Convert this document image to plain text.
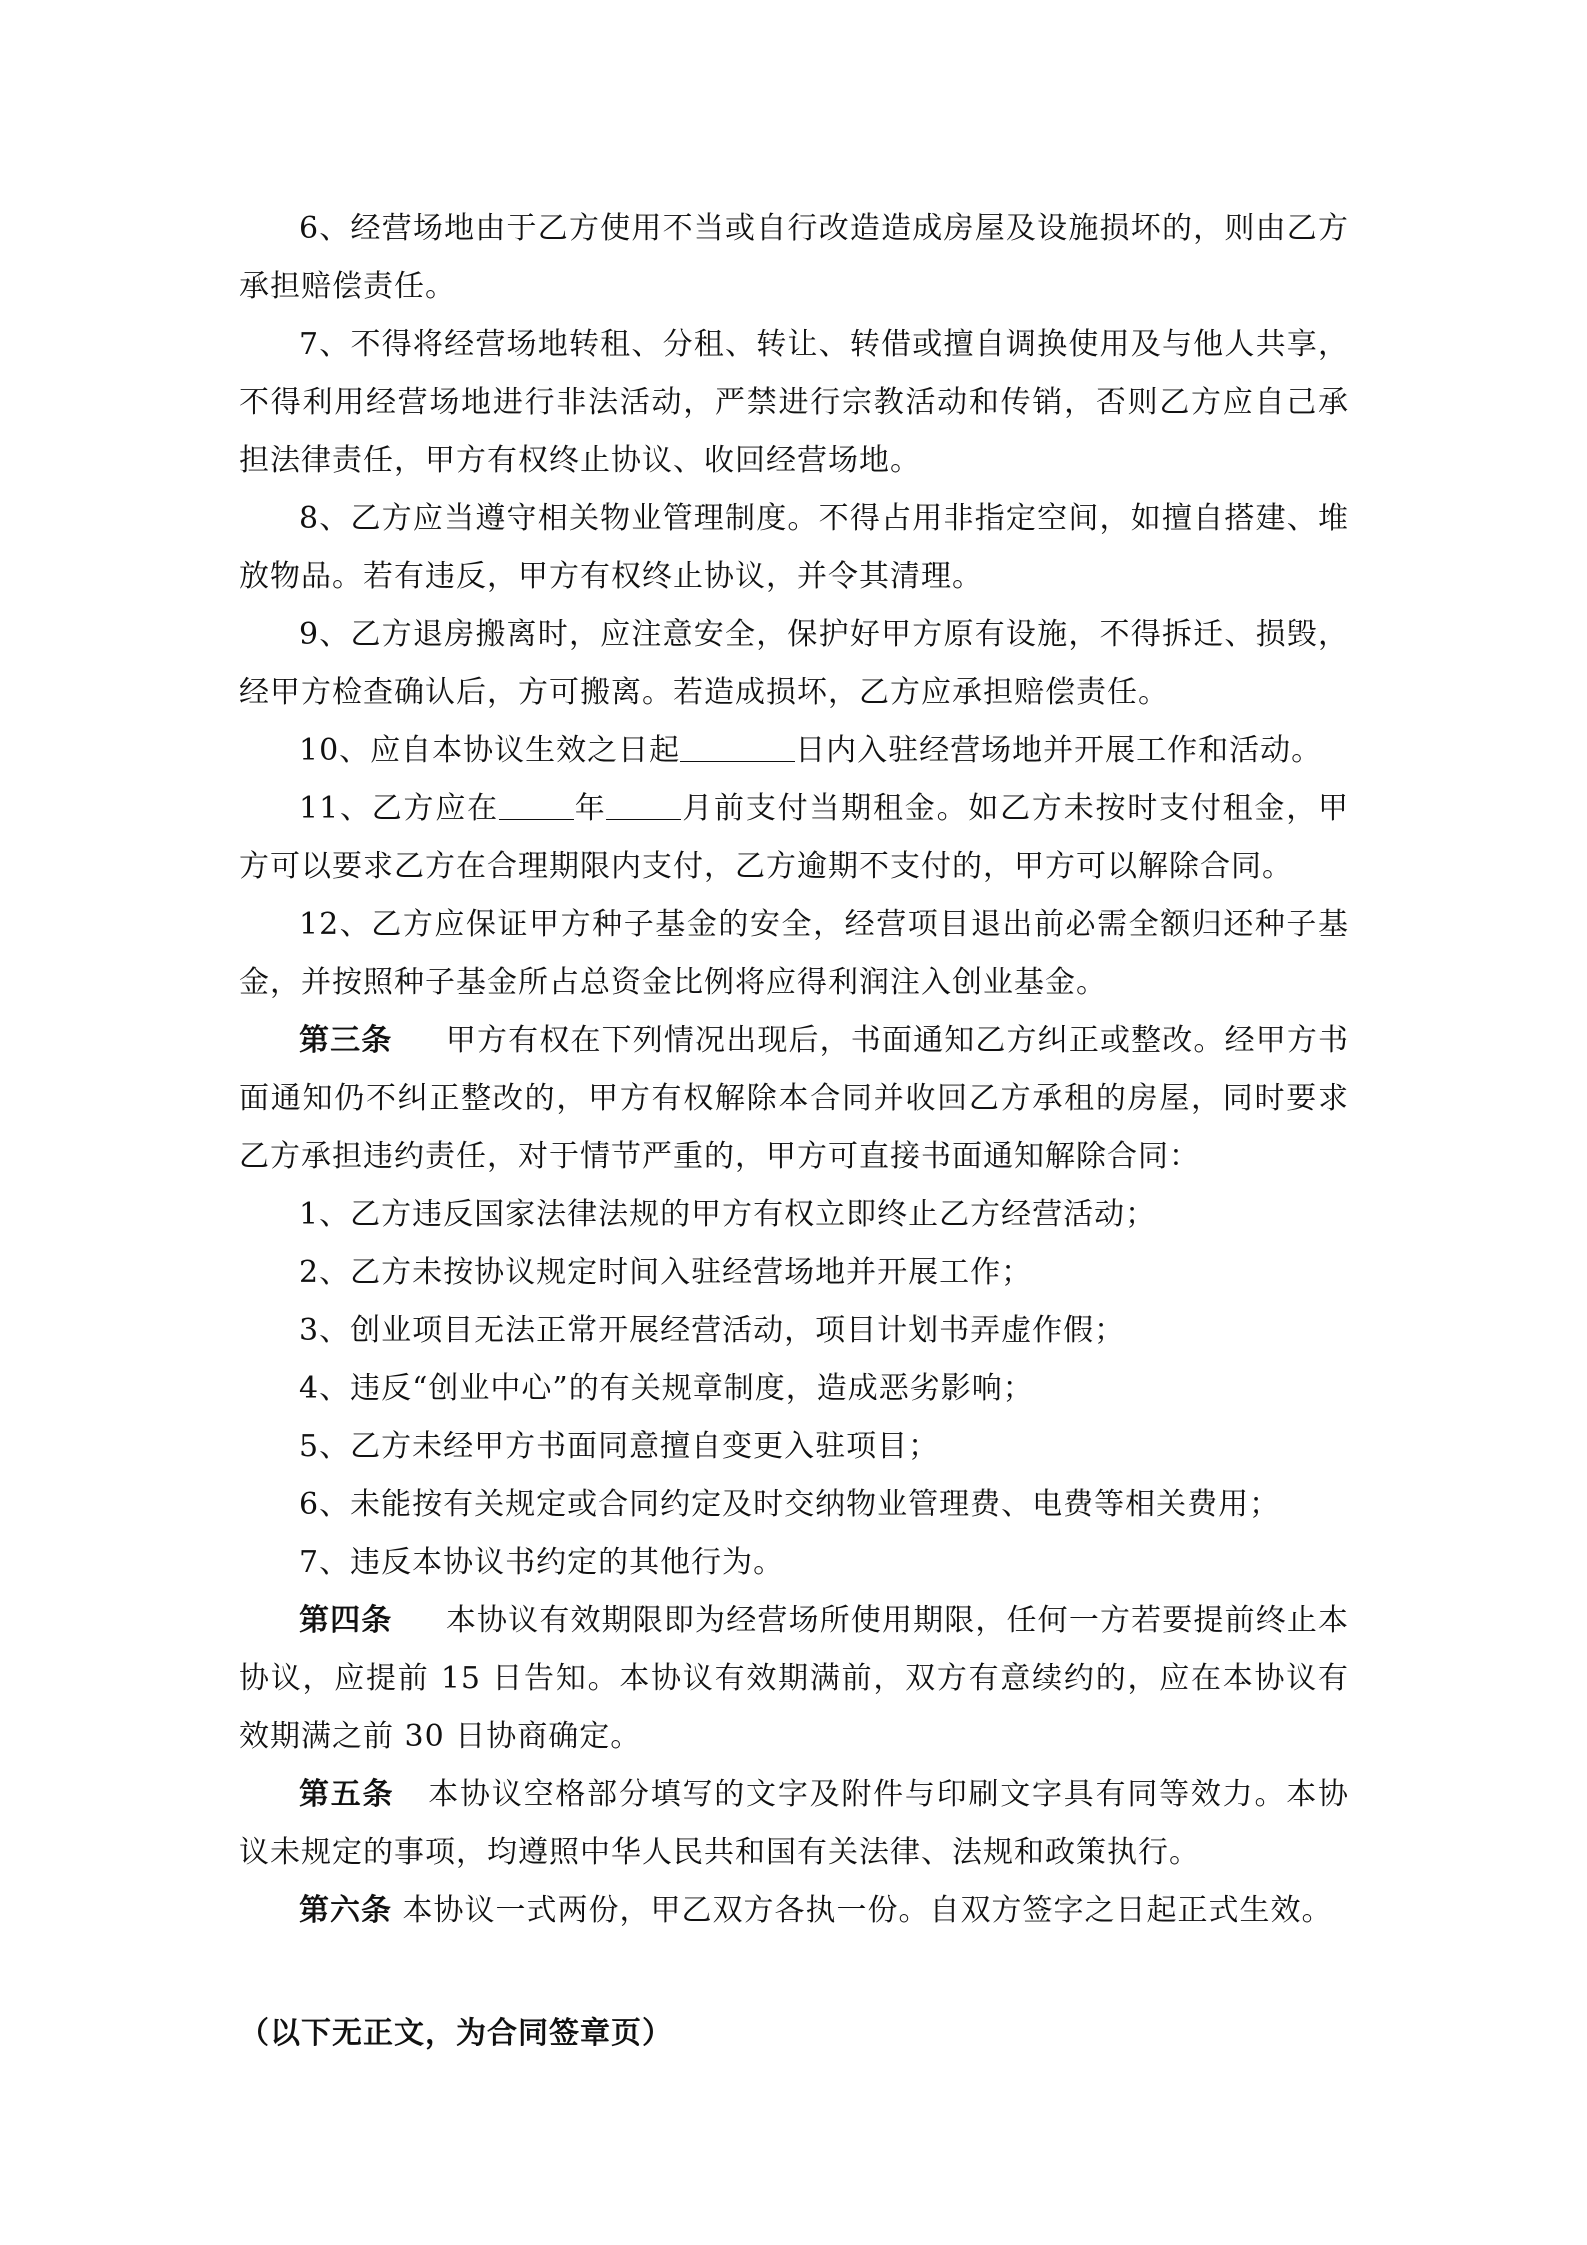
6、经营场地由于乙方使用不当或自行改造造成房屋及设施损坏的，则由乙方承担赔偿责任。

7、不得将经营场地转租、分租、转让、转借或擅自调换使用及与他人共享，不得利用经营场地进行非法活动，严禁进行宗教活动和传销，否则乙方应自己承担法律责任，甲方有权终止协议、收回经营场地。

8、乙方应当遵守相关物业管理制度。不得占用非指定空间，如擅自搭建、堆放物品。若有违反，甲方有权终止协议，并令其清理。

9、乙方退房搬离时，应注意安全，保护好甲方原有设施，不得拆迁、损毁，经甲方检查确认后，方可搬离。若造成损坏，乙方应承担赔偿责任。

10、应自本协议生效之日起	日内入驻经营场地并开展工作和活动。

11、乙方应在	年	月前支付当期租金。如乙方未按时支付租金，甲方可以要求乙方在合理期限内支付，乙方逾期不支付的，甲方可以解除合同。

12、乙方应保证甲方种子基金的安全，经营项目退出前必需全额归还种子基金，并按照种子基金所占总资金比例将应得利润注入创业基金。

第三条 甲方有权在下列情况出现后，书面通知乙方纠正或整改。经甲方书面通知仍不纠正整改的，甲方有权解除本合同并收回乙方承租的房屋，同时要求乙方承担违约责任，对于情节严重的，甲方可直接书面通知解除合同：

1、乙方违反国家法律法规的甲方有权立即终止乙方经营活动；

2、乙方未按协议规定时间入驻经营场地并开展工作；

3、创业项目无法正常开展经营活动，项目计划书弄虚作假；

4、违反“创业中心”的有关规章制度，造成恶劣影响；

5、乙方未经甲方书面同意擅自变更入驻项目；

6、未能按有关规定或合同约定及时交纳物业管理费、电费等相关费用；

7、违反本协议书约定的其他行为。

第四条 本协议有效期限即为经营场所使用期限，任何一方若要提前终止本协议，应提前 15 日告知。本协议有效期满前，双方有意续约的，应在本协议有效期满之前 30 日协商确定。

第五条 本协议空格部分填写的文字及附件与印刷文字具有同等效力。本协议未规定的事项，均遵照中华人民共和国有关法律、法规和政策执行。

第六条 本协议一式两份，甲乙双方各执一份。自双方签字之日起正式生效。

（以下无正文，为合同签章页）
